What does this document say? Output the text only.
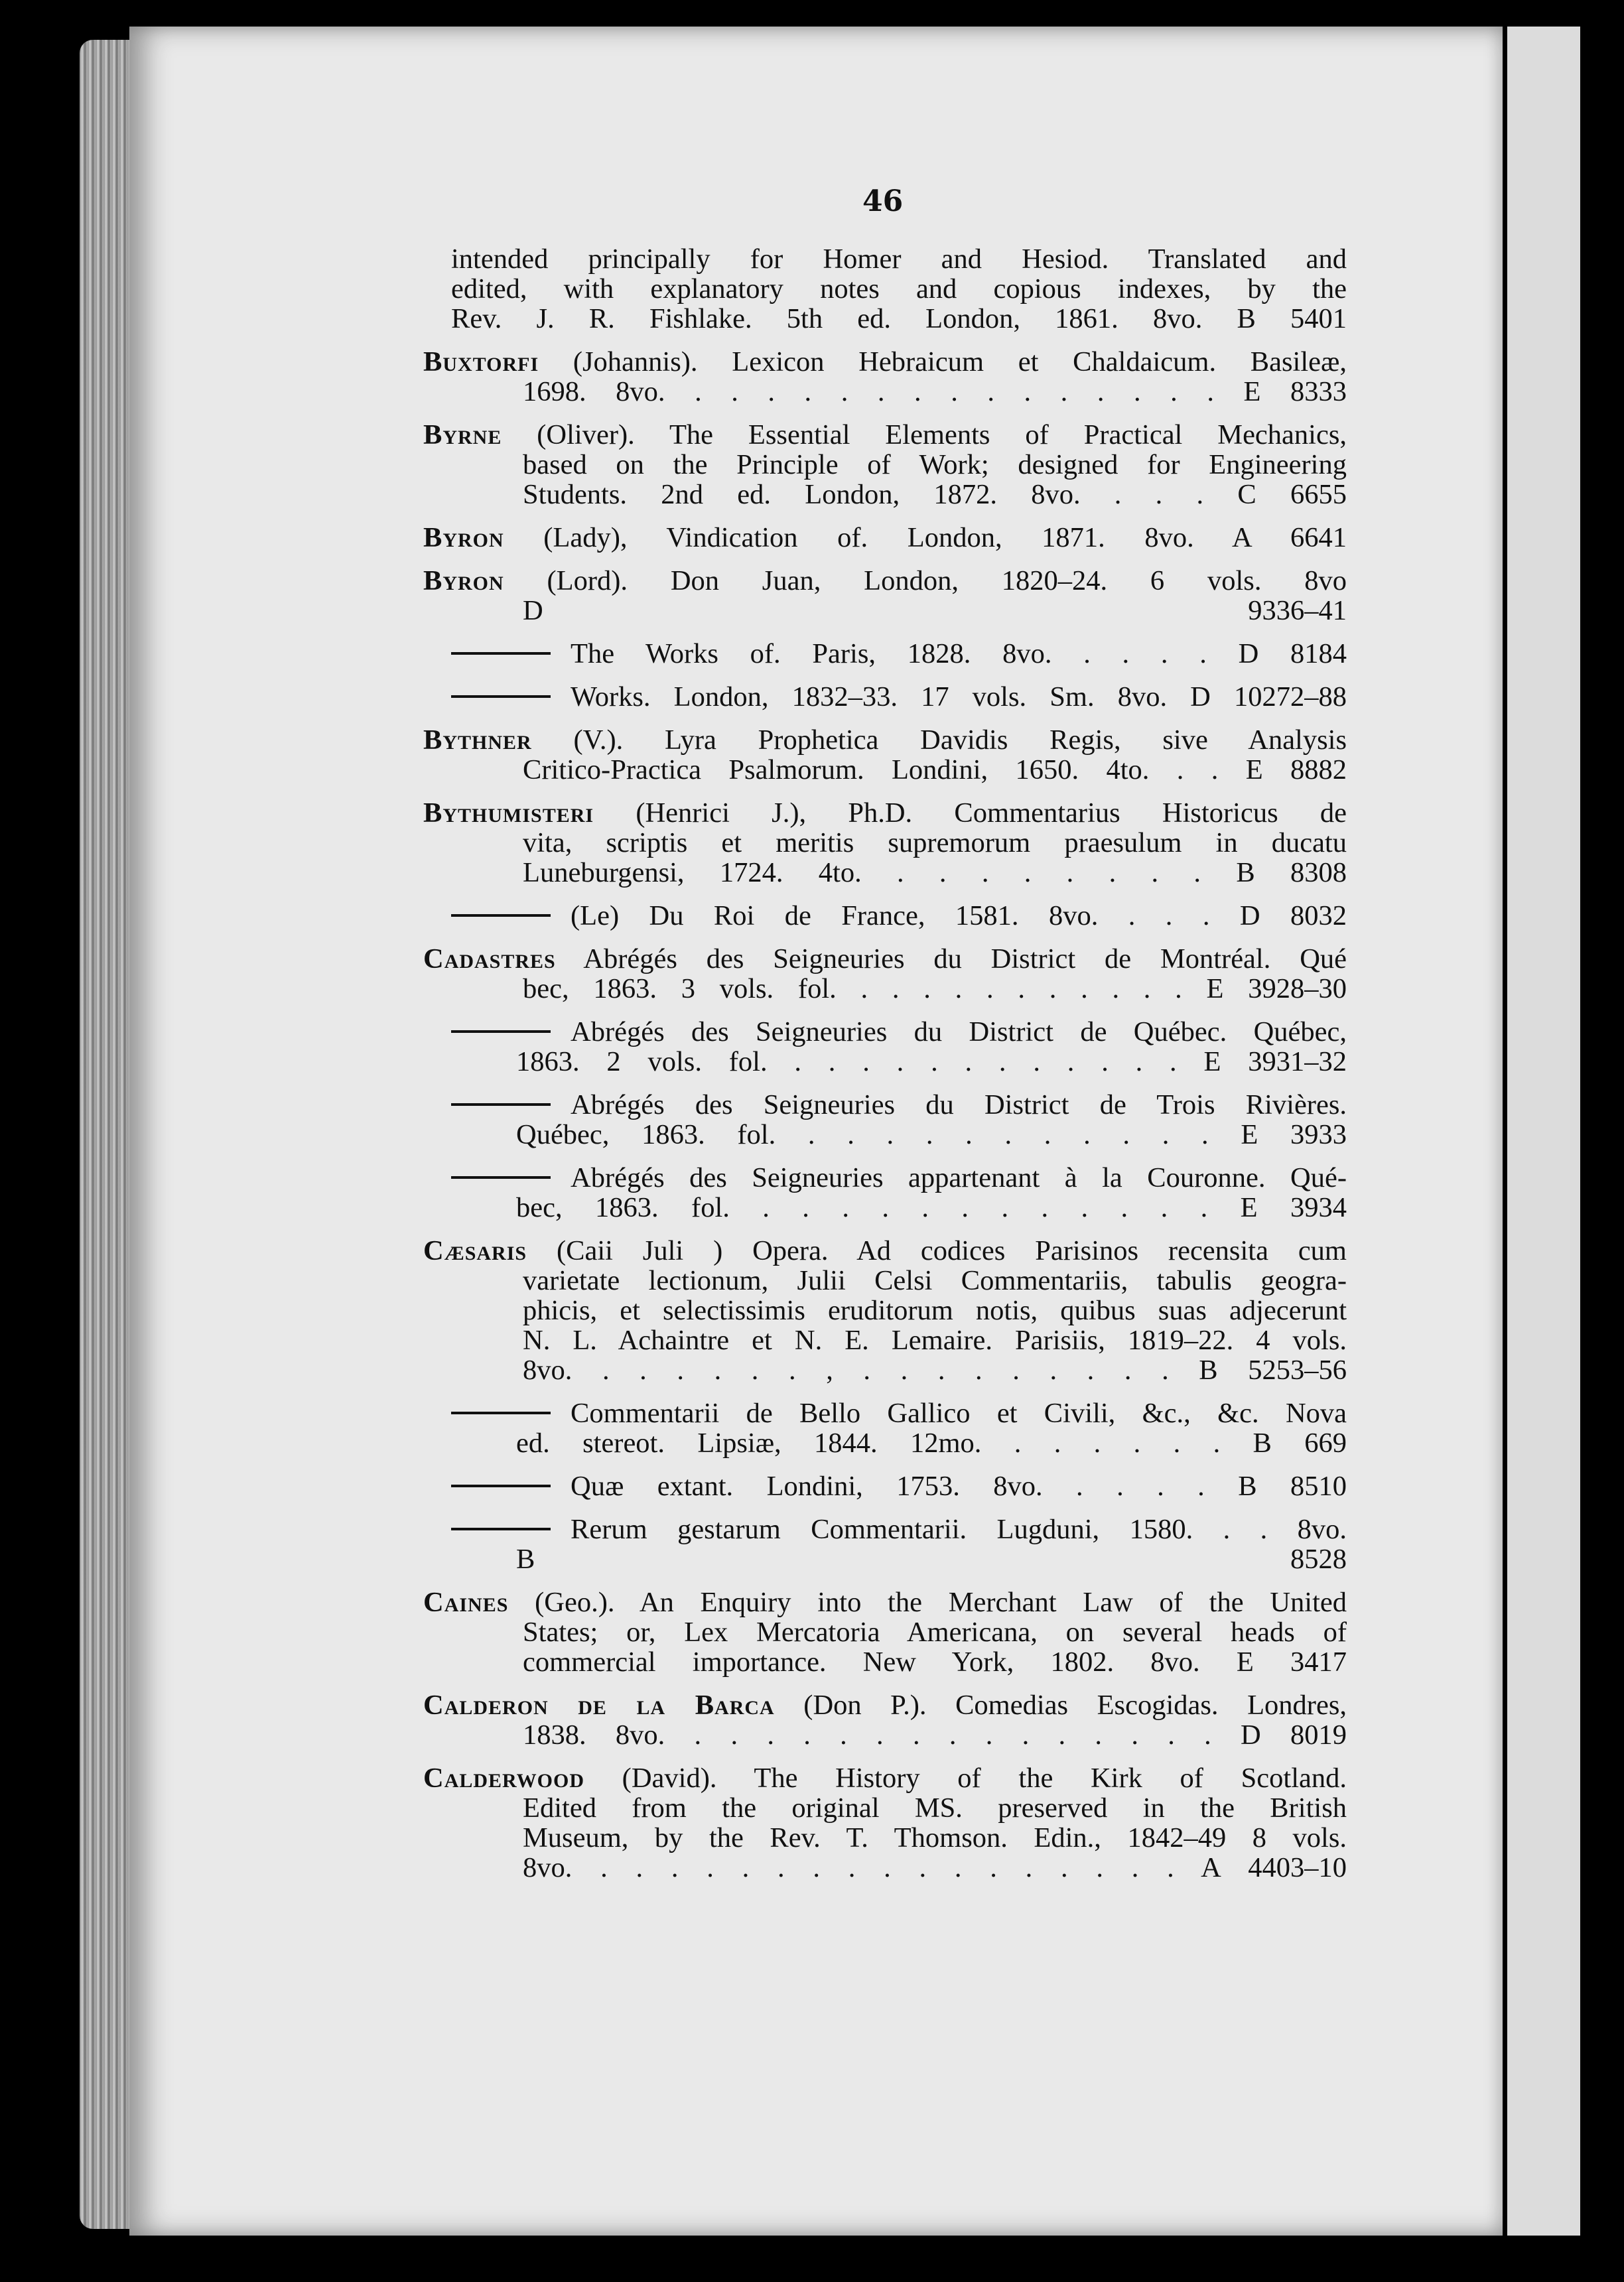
46
intended principally for Homer and Hesiod. Translated and
edited, with explanatory notes and copious indexes, by the
Rev. J. R. Fishlake. 5th ed. London, 1861. 8vo. B 5401
Buxtorfi (Johannis). Lexicon Hebraicum et Chaldaicum. Basileæ,
1698. 8vo. . . . . . . . . . . . . . . . E 8333
Byrne (Oliver). The Essential Elements of Practical Mechanics,
based on the Principle of Work; designed for Engineering
Students. 2nd ed. London, 1872. 8vo. . . . C 6655
Byron (Lady), Vindication of. London, 1871. 8vo. A 6641
Byron (Lord). Don Juan, London, 1820–24. 6 vols. 8vo
D 9336–41
The Works of. Paris, 1828. 8vo. . . . . D 8184
Works. London, 1832–33. 17 vols. Sm. 8vo. D 10272–88
Bythner (V.). Lyra Prophetica Davidis Regis, sive Analysis
Critico-Practica Psalmorum. Londini, 1650. 4to. . . E 8882
Bythumisteri (Henrici J.), Ph.D. Commentarius Historicus de
vita, scriptis et meritis supremorum praesulum in ducatu
Luneburgensi, 1724. 4to. . . . . . . . . B 8308
(Le) Du Roi de France, 1581. 8vo. . . . D 8032
Cadastres Abrégés des Seigneuries du District de Montréal. Qué
bec, 1863. 3 vols. fol. . . . . . . . . . . . E 3928–30
Abrégés des Seigneuries du District de Québec. Québec,
1863. 2 vols. fol. . . . . . . . . . . . . E 3931–32
Abrégés des Seigneuries du District de Trois Rivières.
Québec, 1863. fol. . . . . . . . . . . . E 3933
Abrégés des Seigneuries appartenant à la Couronne. Qué-
bec, 1863. fol. . . . . . . . . . . . . E 3934
Cæsaris (Caii Juli ) Opera. Ad codices Parisinos recensita cum
varietate lectionum, Julii Celsi Commentariis, tabulis geogra-
phicis, et selectissimis eruditorum notis, quibus suas adjecerunt
N. L. Achaintre et N. E. Lemaire. Parisiis, 1819–22. 4 vols.
8vo. . . . . . . , . . . . . . . . . B 5253–56
Commentarii de Bello Gallico et Civili, &c., &c. Nova
ed. stereot. Lipsiæ, 1844. 12mo. . . . . . . B 669
Quæ extant. Londini, 1753. 8vo. . . . . B 8510
Rerum gestarum Commentarii. Lugduni, 1580. . . 8vo.
B 8528
Caines (Geo.). An Enquiry into the Merchant Law of the United
States; or, Lex Mercatoria Americana, on several heads of
commercial importance. New York, 1802. 8vo. E 3417
Calderon de la Barca (Don P.). Comedias Escogidas. Londres,
1838. 8vo. . . . . . . . . . . . . . . . D 8019
Calderwood (David). The History of the Kirk of Scotland.
Edited from the original MS. preserved in the British
Museum, by the Rev. T. Thomson. Edin., 1842–49 8 vols.
8vo. . . . . . . . . . . . . . . . . . A 4403–10
